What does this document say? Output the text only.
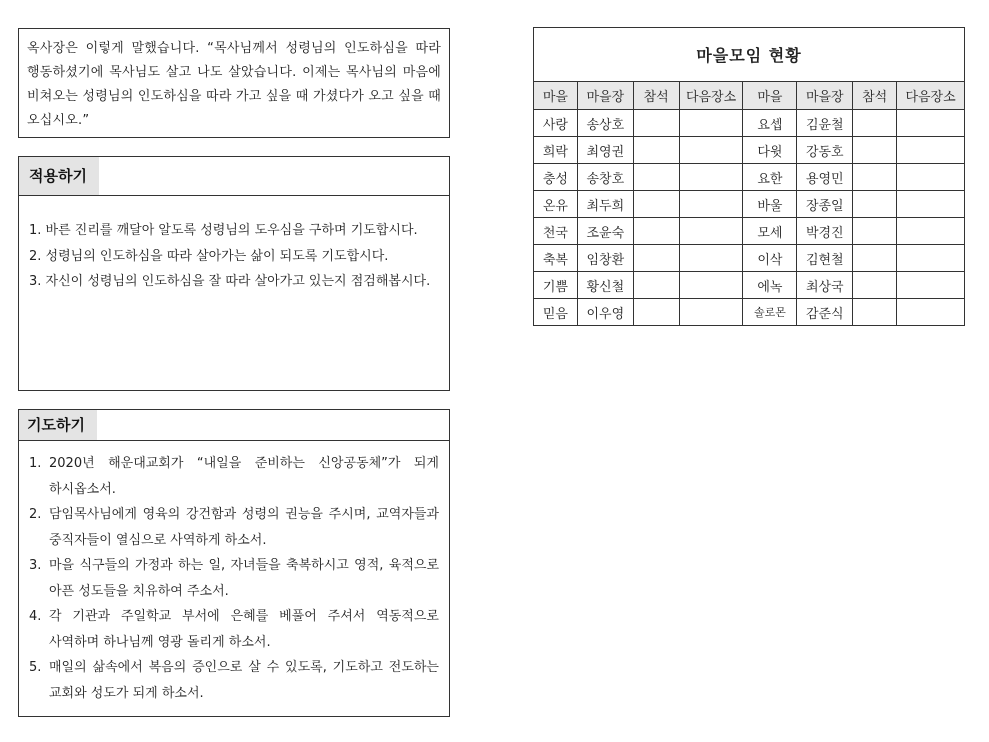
옥사장은 이렇게 말했습니다. “목사님께서 성령님의 인도하심을 따라 행동하셨기에 목사님도 살고 나도 살았습니다. 이제는 목사님의 마음에 비쳐오는 성령님의 인도하심을 따라 가고 싶을 때 가셨다가 오고 싶을 때 오십시오.”

적용하기
1. 바른 진리를 깨달아 알도록 성령님의 도우심을 구하며 기도합시다.
2. 성령님의 인도하심을 따라 살아가는 삶이 되도록 기도합시다.
3. 자신이 성령님의 인도하심을 잘 따라 살아가고 있는지 점검해봅시다.
기도하기
1. 2020년 해운대교회가 “내일을 준비하는 신앙공동체”가 되게 하시옵소서.
2. 담임목사님에게 영육의 강건함과 성령의 권능을 주시며, 교역자들과 중직자들이 열심으로 사역하게 하소서.
3. 마을 식구들의 가정과 하는 일, 자녀들을 축복하시고 영적, 육적으로 아픈 성도들을 치유하여 주소서.
4. 각 기관과 주일학교 부서에 은혜를 베풀어 주셔서 역동적으로 사역하며 하나님께 영광 돌리게 하소서.
5. 매일의 삶속에서 복음의 증인으로 살 수 있도록, 기도하고 전도하는 교회와 성도가 되게 하소서.
마을모임 현황							
마을	마을장	참석	다음장소	마을	마을장	참석	다음장소
사랑	송상호			요셉	김윤철		
희락	최영권			다윗	강동호		
충성	송창호			요한	용영민		
온유	최두희			바울	장종일		
천국	조윤숙			모세	박경진		
축복	임창환			이삭	김현철		
기쁨	황신철			에녹	최상국		
믿음	이우영			솔로몬	감준식		
